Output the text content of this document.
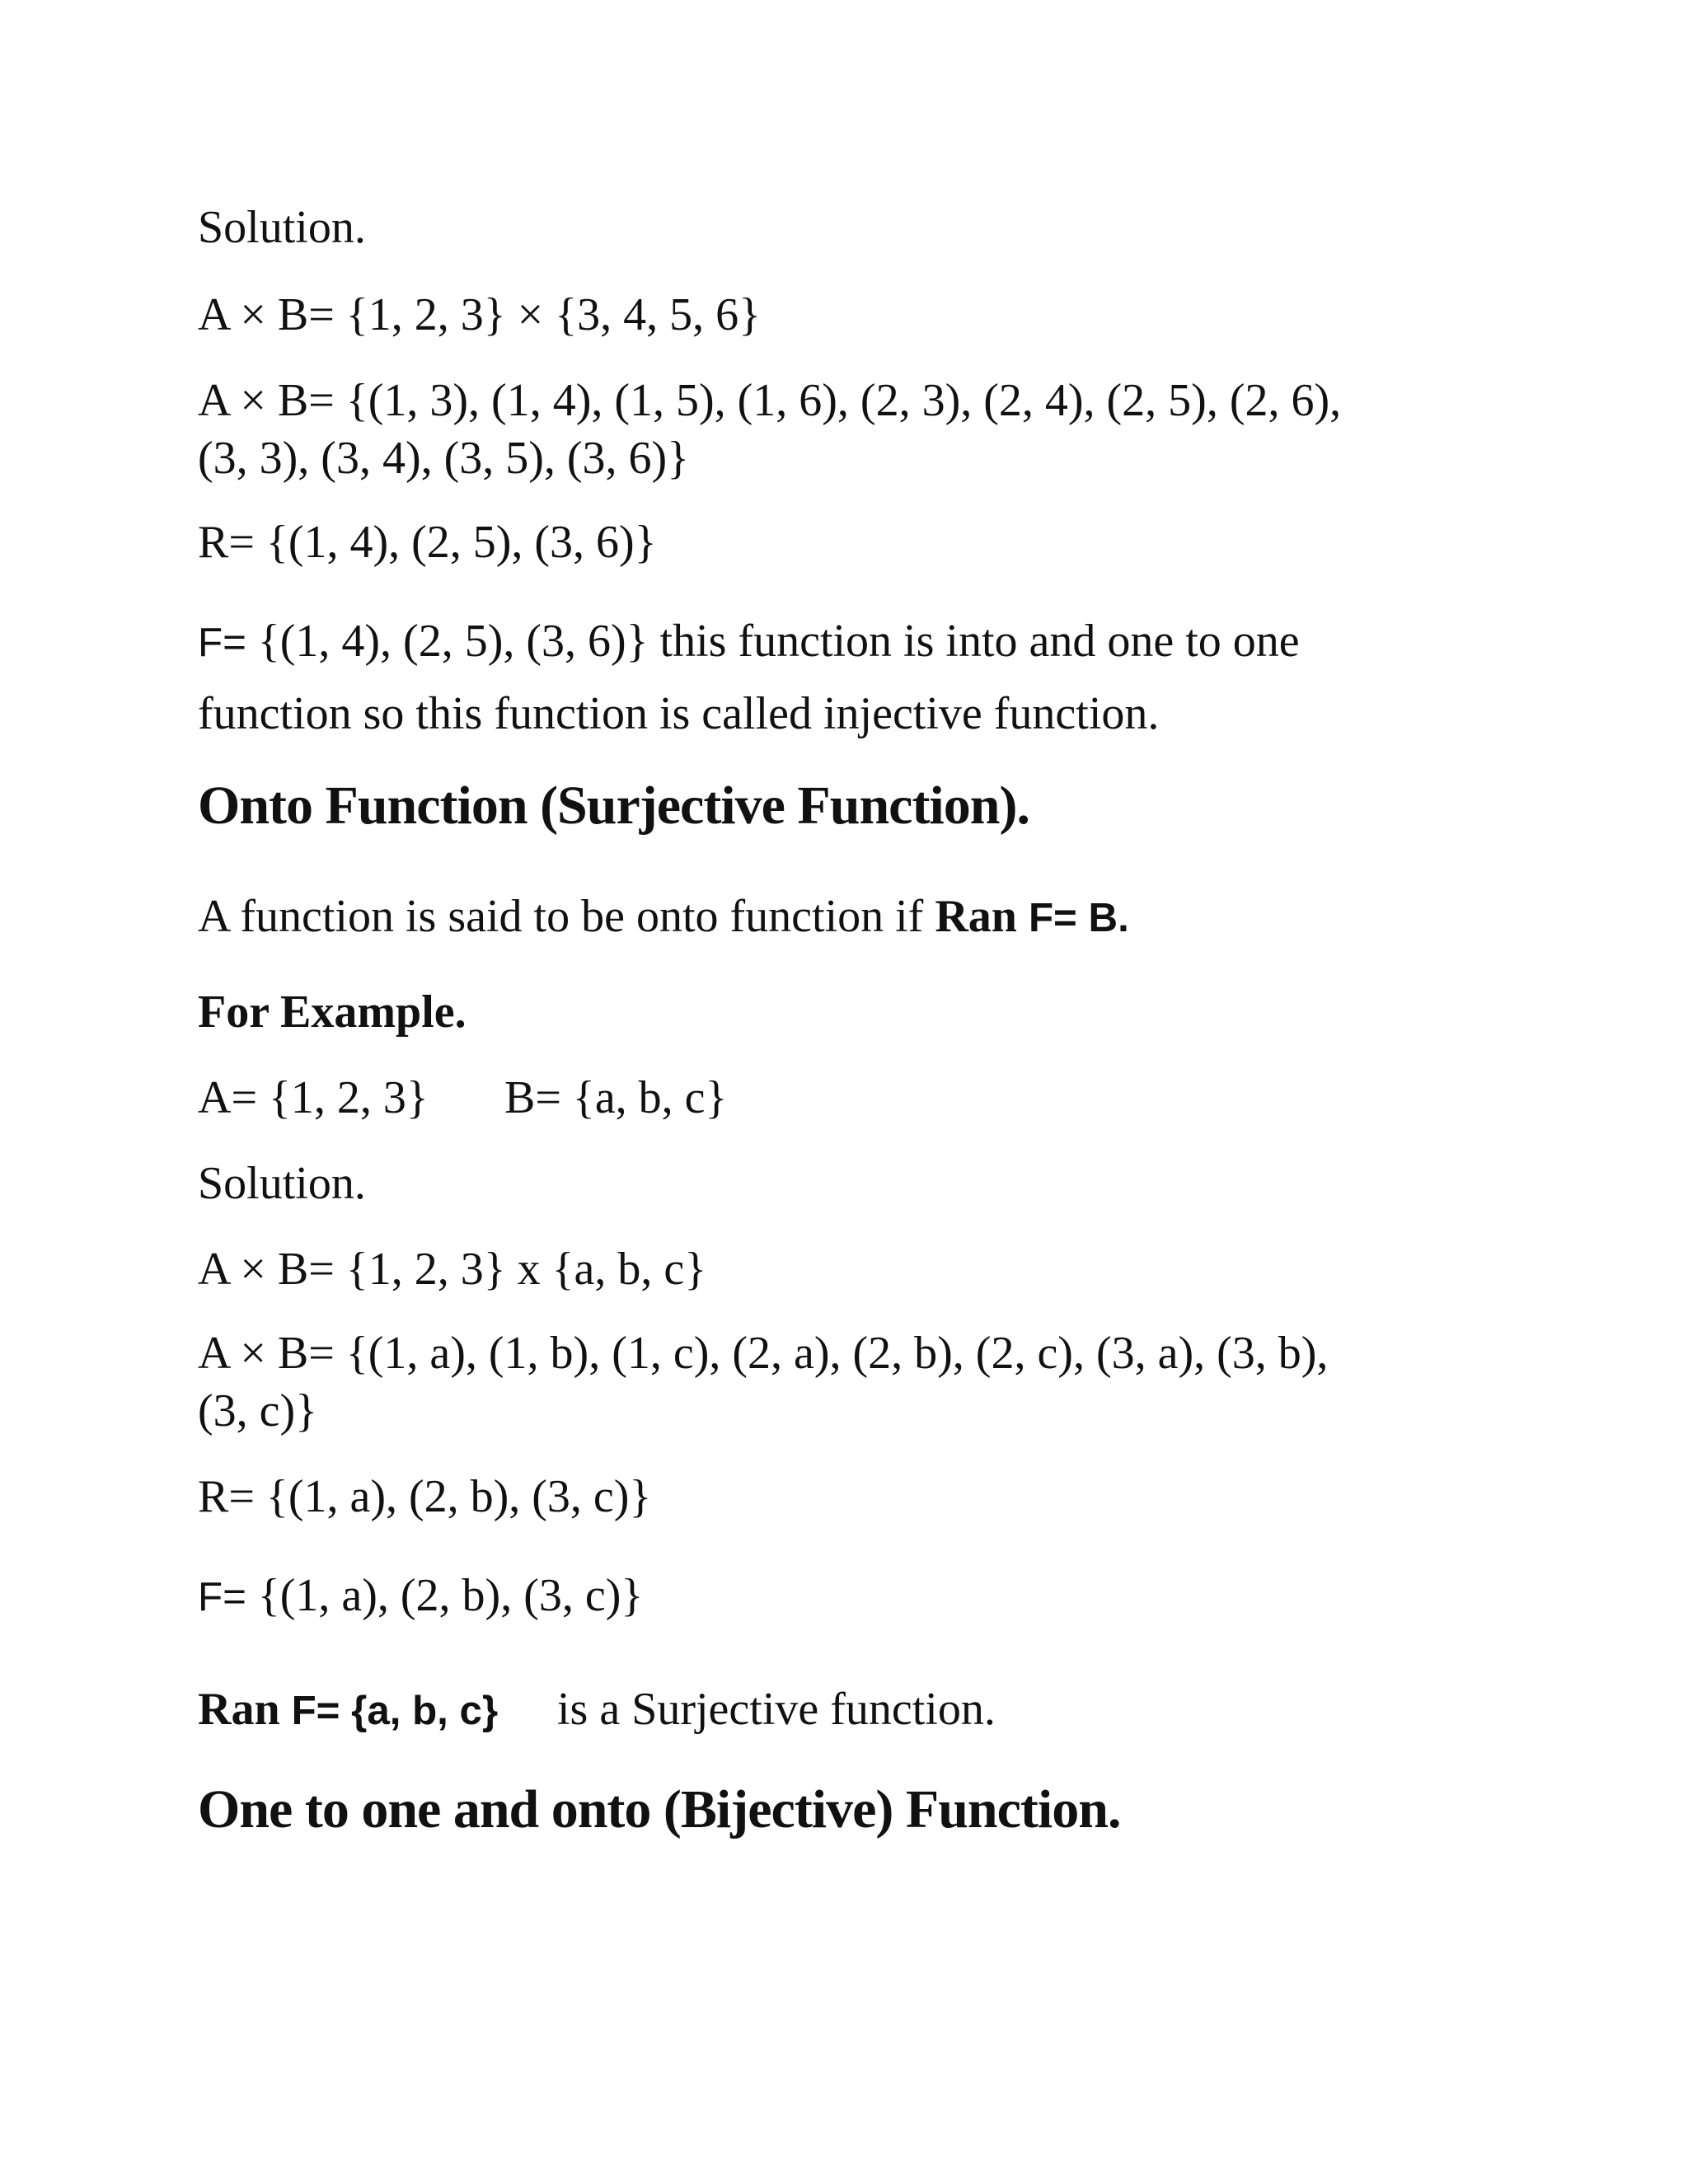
Solution.

A × B= {1, 2, 3} × {3, 4, 5, 6}

A × B= {(1, 3), (1, 4), (1, 5), (1, 6), (2, 3), (2, 4), (2, 5), (2, 6),

(3, 3), (3, 4), (3, 5), (3, 6)}

R= {(1, 4), (2, 5), (3, 6)}

F= {(1, 4), (2, 5), (3, 6)} this function is into and one to one

function so this function is called injective function.

Onto Function (Surjective Function).

A function is said to be onto function if Ran F= B.

For Example.

A= {1, 2, 3} B= {a, b, c}

Solution.

A × B= {1, 2, 3} x {a, b, c}

A × B= {(1, a), (1, b), (1, c), (2, a), (2, b), (2, c), (3, a), (3, b),

(3, c)}

R= {(1, a), (2, b), (3, c)}

F= {(1, a), (2, b), (3, c)}

Ran F= {a, b, c} is a Surjective function.

One to one and onto (Bijective) Function.
